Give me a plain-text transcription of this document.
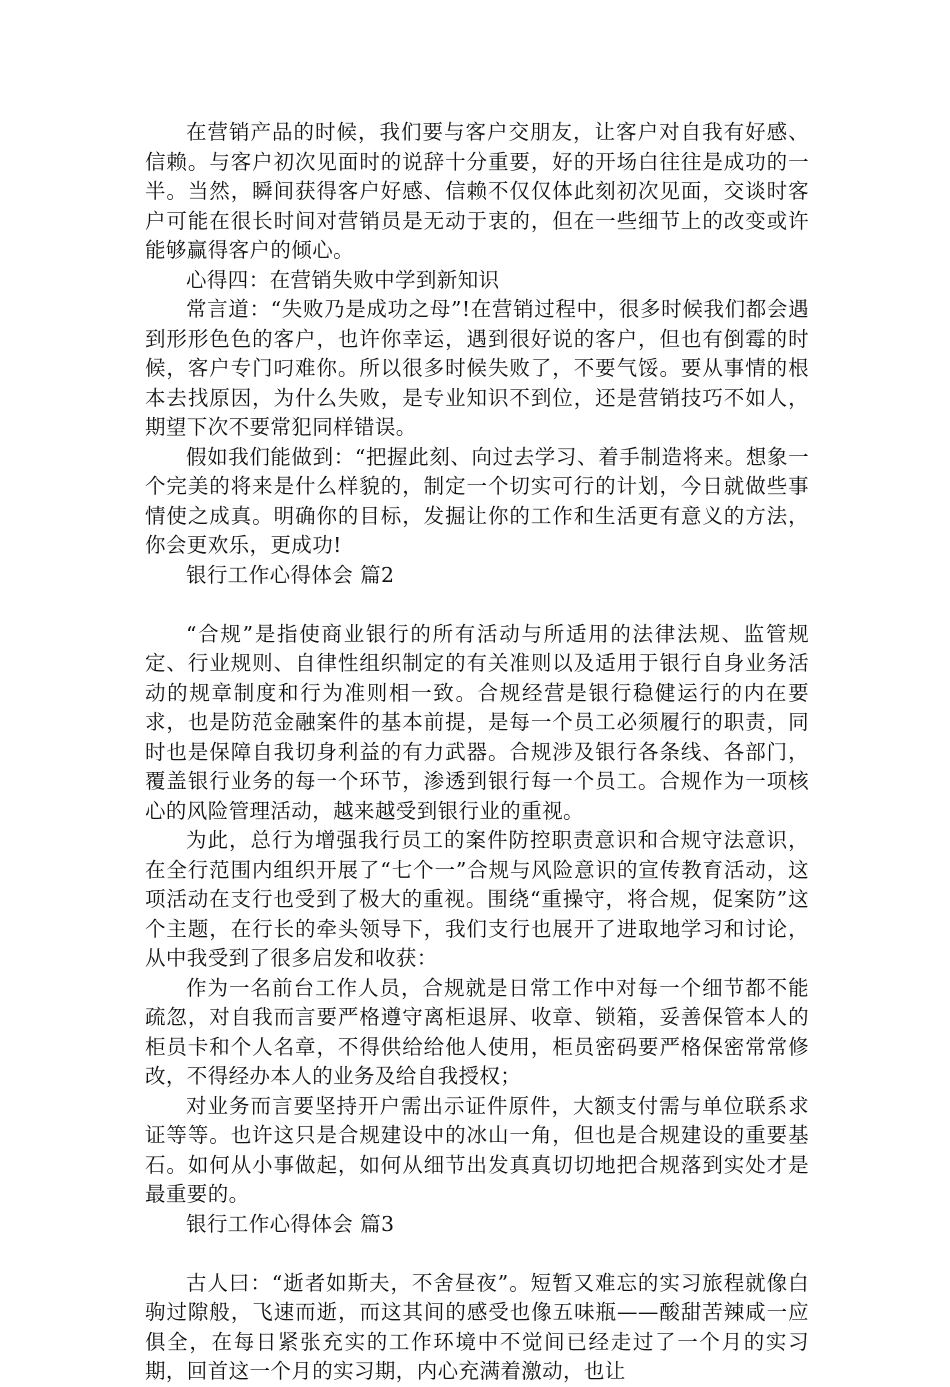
在营销产品的时候，我们要与客户交朋友，让客户对自我有好感、信赖。与客户初次见面时的说辞十分重要，好的开场白往往是成功的一半。当然，瞬间获得客户好感、信赖不仅仅体此刻初次见面，交谈时客户可能在很长时间对营销员是无动于衷的，但在一些细节上的改变或许能够赢得客户的倾心。

心得四：在营销失败中学到新知识

常言道：“失败乃是成功之母”!在营销过程中，很多时候我们都会遇到形形色色的客户，也许你幸运，遇到很好说的客户，但也有倒霉的时候，客户专门叼难你。所以很多时候失败了，不要气馁。要从事情的根本去找原因，为什么失败，是专业知识不到位，还是营销技巧不如人，期望下次不要常犯同样错误。

假如我们能做到：“把握此刻、向过去学习、着手制造将来。想象一个完美的将来是什么样貌的，制定一个切实可行的计划，今日就做些事情使之成真。明确你的目标，发掘让你的工作和生活更有意义的方法，你会更欢乐，更成功!

银行工作心得体会 篇2

“合规”是指使商业银行的所有活动与所适用的法律法规、监管规定、行业规则、自律性组织制定的有关准则以及适用于银行自身业务活动的规章制度和行为准则相一致。合规经营是银行稳健运行的内在要求，也是防范金融案件的基本前提，是每一个员工必须履行的职责，同时也是保障自我切身利益的有力武器。合规涉及银行各条线、各部门，覆盖银行业务的每一个环节，渗透到银行每一个员工。合规作为一项核心的风险管理活动，越来越受到银行业的重视。

为此，总行为增强我行员工的案件防控职责意识和合规守法意识，在全行范围内组织开展了“七个一”合规与风险意识的宣传教育活动，这项活动在支行也受到了极大的重视。围绕“重操守，将合规，促案防”这个主题，在行长的牵头领导下，我们支行也展开了进取地学习和讨论，从中我受到了很多启发和收获：

作为一名前台工作人员，合规就是日常工作中对每一个细节都不能疏忽，对自我而言要严格遵守离柜退屏、收章、锁箱，妥善保管本人的柜员卡和个人名章，不得供给给他人使用，柜员密码要严格保密常常修改，不得经办本人的业务及给自我授权；

对业务而言要坚持开户需出示证件原件，大额支付需与单位联系求证等等。也许这只是合规建设中的冰山一角，但也是合规建设的重要基石。如何从小事做起，如何从细节出发真真切切地把合规落到实处才是最重要的。

银行工作心得体会 篇3

古人曰：“逝者如斯夫，不舍昼夜”。短暂又难忘的实习旅程就像白驹过隙般，飞速而逝，而这其间的感受也像五味瓶——酸甜苦辣咸一应俱全，在每日紧张充实的工作环境中不觉间已经走过了一个月的实习期，回首这一个月的实习期，内心充满着激动，也让
